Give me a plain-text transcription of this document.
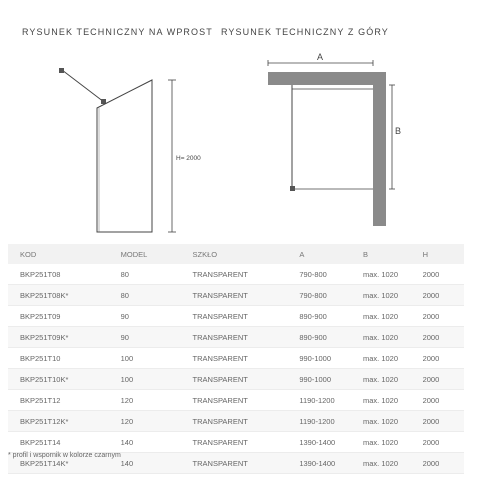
RYSUNEK TECHNICZNY NA WPROST RYSUNEK TECHNICZNY Z GÓRY
H= 2000
A
B
KOD	MODEL	SZKŁO	A	B	H
BKP251T08	80	TRANSPARENT	790-800	max. 1020	2000
BKP251T08K*	80	TRANSPARENT	790-800	max. 1020	2000
BKP251T09	90	TRANSPARENT	890-900	max. 1020	2000
BKP251T09K*	90	TRANSPARENT	890-900	max. 1020	2000
BKP251T10	100	TRANSPARENT	990-1000	max. 1020	2000
BKP251T10K*	100	TRANSPARENT	990-1000	max. 1020	2000
BKP251T12	120	TRANSPARENT	1190-1200	max. 1020	2000
BKP251T12K*	120	TRANSPARENT	1190-1200	max. 1020	2000
BKP251T14	140	TRANSPARENT	1390-1400	max. 1020	2000
BKP251T14K*	140	TRANSPARENT	1390-1400	max. 1020	2000
* profil i wspornik w kolorze czarnym
